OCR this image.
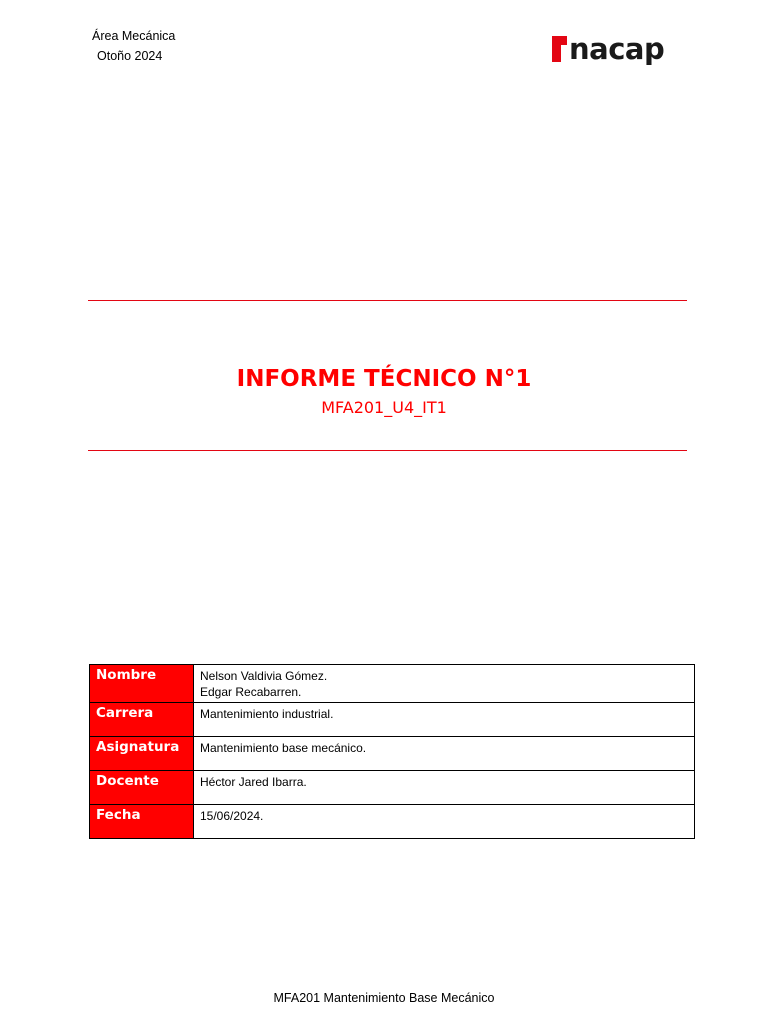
Área Mecánica
Otoño 2024	nacap
INFORME TÉCNICO N°1
MFA201_U4_IT1
Nombre	Nelson Valdivia Gómez.
Edgar Recabarren.

Carrera	Mantenimiento industrial.

Asignatura	Mantenimiento base mecánico.

Docente	Héctor Jared Ibarra.

Fecha	15/06/2024.
MFA201 Mantenimiento Base Mecánico
